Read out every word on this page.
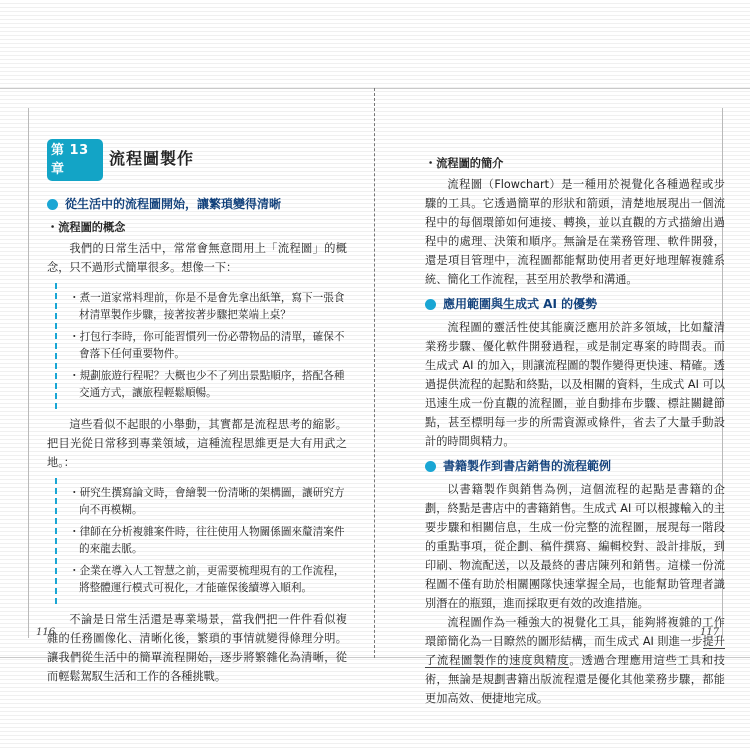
第 13 章
流程圖製作
從生活中的流程圖開始，讓繁瑣變得清晰
・流程圖的概念

我們的日常生活中，常常會無意間用上「流程圖」的概念，只不過形式簡單很多。想像一下：

・煮一道家常料理前，你是不是會先拿出紙筆，寫下一張食材清單製作步驟，接著按著步驟把菜端上桌？
・打包行李時，你可能習慣列一份必帶物品的清單，確保不會落下任何重要物件。
・規劃旅遊行程呢？大概也少不了列出景點順序，搭配各種交通方式，讓旅程輕鬆順暢。

這些看似不起眼的小舉動，其實都是流程思考的縮影。把目光從日常移到專業領域，這種流程思維更是大有用武之地。：

・研究生撰寫論文時，會繪製一份清晰的架構圖，讓研究方向不再模糊。
・律師在分析複雜案件時，往往使用人物關係圖來釐清案件的來龍去脈。
・企業在導入人工智慧之前，更需要梳理現有的工作流程，將整體運行模式可視化，才能確保後續導入順利。

不論是日常生活還是專業場景，當我們把一件件看似複雜的任務圖像化、清晰化後，繁瑣的事情就變得條理分明。讓我們從生活中的簡單流程開始，逐步將繁雜化為清晰，從而輕鬆駕馭生活和工作的各種挑戰。

・流程圖的簡介

流程圖（Flowchart）是一種用於視覺化各種過程或步驟的工具。它透過簡單的形狀和箭頭，清楚地展現出一個流程中的每個環節如何連接、轉換，並以直觀的方式描繪出過程中的處理、決策和順序。無論是在業務管理、軟件開發，還是項目管理中，流程圖都能幫助使用者更好地理解複雜系統、簡化工作流程，甚至用於教學和溝通。

應用範圍與生成式 AI 的優勢

流程圖的靈活性使其能廣泛應用於許多領域，比如釐清業務步驟、優化軟件開發過程，或是制定專案的時間表。而生成式 AI 的加入，則讓流程圖的製作變得更快速、精確。透過提供流程的起點和終點，以及相關的資料，生成式 AI 可以迅速生成一份直觀的流程圖，並自動排布步驟、標註關鍵節點，甚至標明每一步的所需資源或條件，省去了大量手動設計的時間與精力。

書籍製作到書店銷售的流程範例

以書籍製作與銷售為例，這個流程的起點是書籍的企劃，終點是書店中的書籍銷售。生成式 AI 可以根據輸入的主要步驟和相關信息，生成一份完整的流程圖，展現每一階段的重點事項，從企劃、稿件撰寫、編輯校對、設計排版，到印刷、物流配送，以及最終的書店陳列和銷售。這樣一份流程圖不僅有助於相關團隊快速掌握全局，也能幫助管理者識別潛在的瓶頸，進而採取更有效的改進措施。

流程圖作為一種強大的視覺化工具，能夠將複雜的工作環節簡化為一目瞭然的圖形結構，而生成式 AI 則進一步提升了流程圖製作的速度與精度。透過合理應用這些工具和技術，無論是規劃書籍出版流程還是優化其他業務步驟，都能更加高效、便捷地完成。

116	117
